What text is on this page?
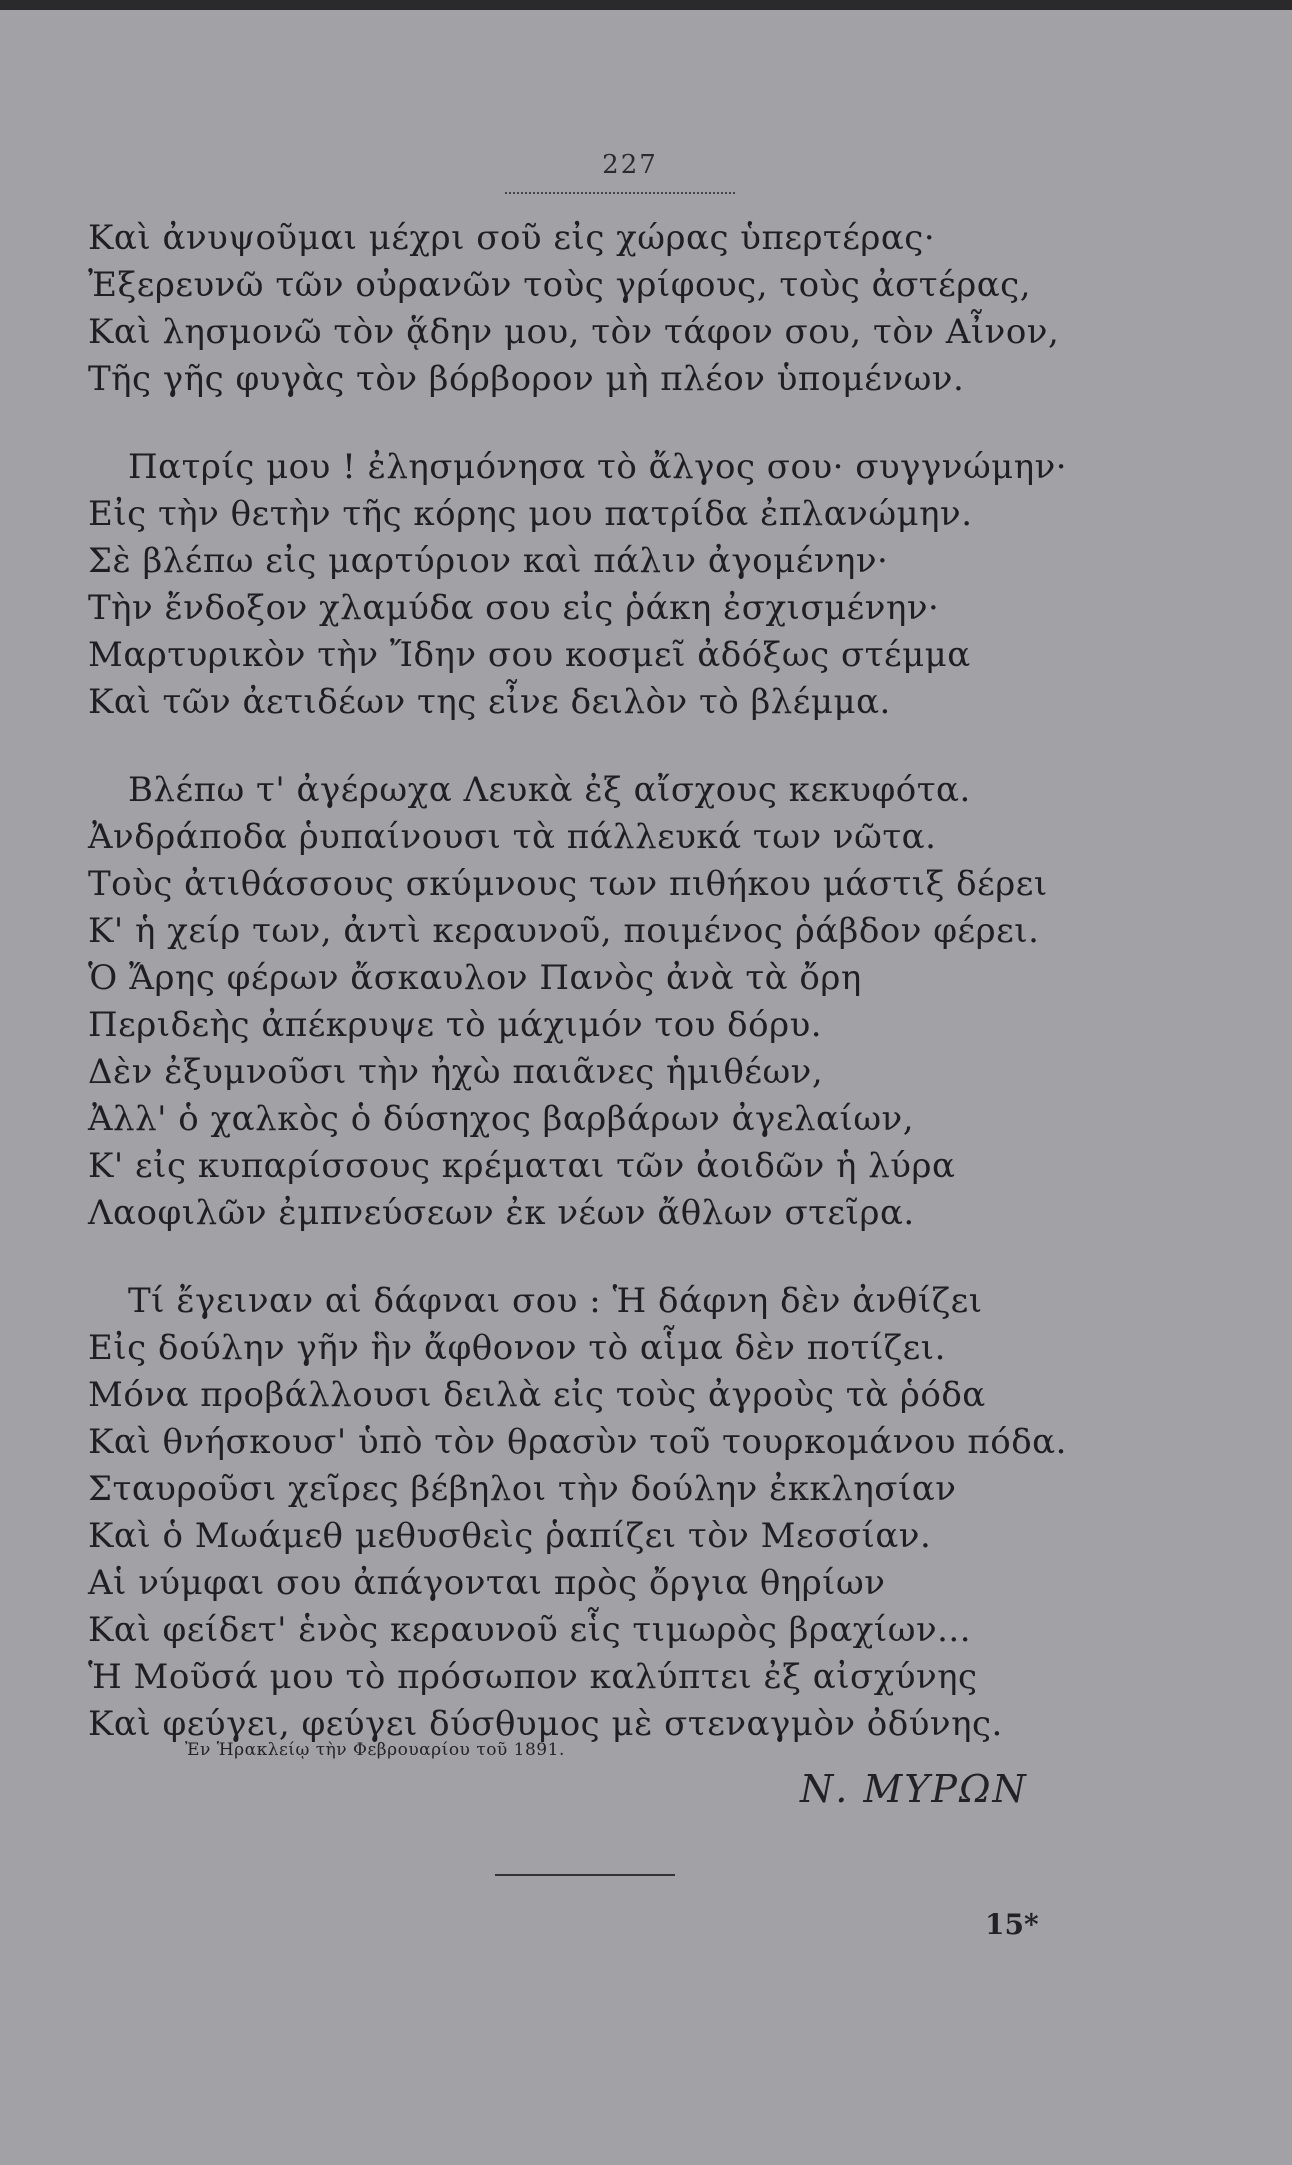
227
Καὶ ἀνυψοῦμαι μέχρι σοῦ εἰς χώρας ὑπερτέρας·
Ἐξερευνῶ τῶν οὐρανῶν τοὺς γρίφους, τοὺς ἀστέρας,
Καὶ λησμονῶ τὸν ᾅδην μου, τὸν τάφον σου, τὸν Αἶνον,
Τῆς γῆς φυγὰς τὸν βόρβορον μὴ πλέον ὑπομένων.
Πατρίς μου ! ἐλησμόνησα τὸ ἄλγος σου· συγγνώμην·
Εἰς τὴν θετὴν τῆς κόρης μου πατρίδα ἐπλανώμην.
Σὲ βλέπω εἰς μαρτύριον καὶ πάλιν ἀγομένην·
Τὴν ἔνδοξον χλαμύδα σου εἰς ῥάκη ἐσχισμένην·
Μαρτυρικὸν τὴν Ἴδην σου κοσμεῖ ἀδόξως στέμμα
Καὶ τῶν ἀετιδέων της εἶνε δειλὸν τὸ βλέμμα.
Βλέπω τ' ἀγέρωχα Λευκὰ ἐξ αἴσχους κεκυφότα.
Ἀνδράποδα ῥυπαίνουσι τὰ πάλλευκά των νῶτα.
Τοὺς ἀτιθάσσους σκύμνους των πιθήκου μάστιξ δέρει
Κ' ἡ χείρ των, ἀντὶ κεραυνοῦ, ποιμένος ῥάβδον φέρει.
Ὁ Ἄρης φέρων ἄσκαυλον Πανὸς ἀνὰ τὰ ὄρη
Περιδεὴς ἀπέκρυψε τὸ μάχιμόν του δόρυ.
Δὲν ἐξυμνοῦσι τὴν ἠχὼ παιᾶνες ἡμιθέων,
Ἀλλ' ὁ χαλκὸς ὁ δύσηχος βαρβάρων ἀγελαίων,
Κ' εἰς κυπαρίσσους κρέμαται τῶν ἀοιδῶν ἡ λύρα
Λαοφιλῶν ἐμπνεύσεων ἐκ νέων ἄθλων στεῖρα.
Τί ἔγειναν αἱ δάφναι σου : Ἡ δάφνη δὲν ἀνθίζει
Εἰς δούλην γῆν ἣν ἄφθονον τὸ αἷμα δὲν ποτίζει.
Μόνα προβάλλουσι δειλὰ εἰς τοὺς ἀγροὺς τὰ ῥόδα
Καὶ θνήσκουσ' ὑπὸ τὸν θρασὺν τοῦ τουρκομάνου πόδα.
Σταυροῦσι χεῖρες βέβηλοι τὴν δούλην ἐκκλησίαν
Καὶ ὁ Μωάμεθ μεθυσθεὶς ῥαπίζει τὸν Μεσσίαν.
Αἱ νύμφαι σου ἀπάγονται πρὸς ὄργια θηρίων
Καὶ φείδετ' ἑνὸς κεραυνοῦ εἷς τιμωρὸς βραχίων...
Ἡ Μοῦσά μου τὸ πρόσωπον καλύπτει ἐξ αἰσχύνης
Καὶ φεύγει, φεύγει δύσθυμος μὲ στεναγμὸν ὀδύνης.
Ἐν Ἡρακλείῳ τὴν Φεβρουαρίου τοῦ 1891.
Ν. ΜΥΡΩΝ
15*
